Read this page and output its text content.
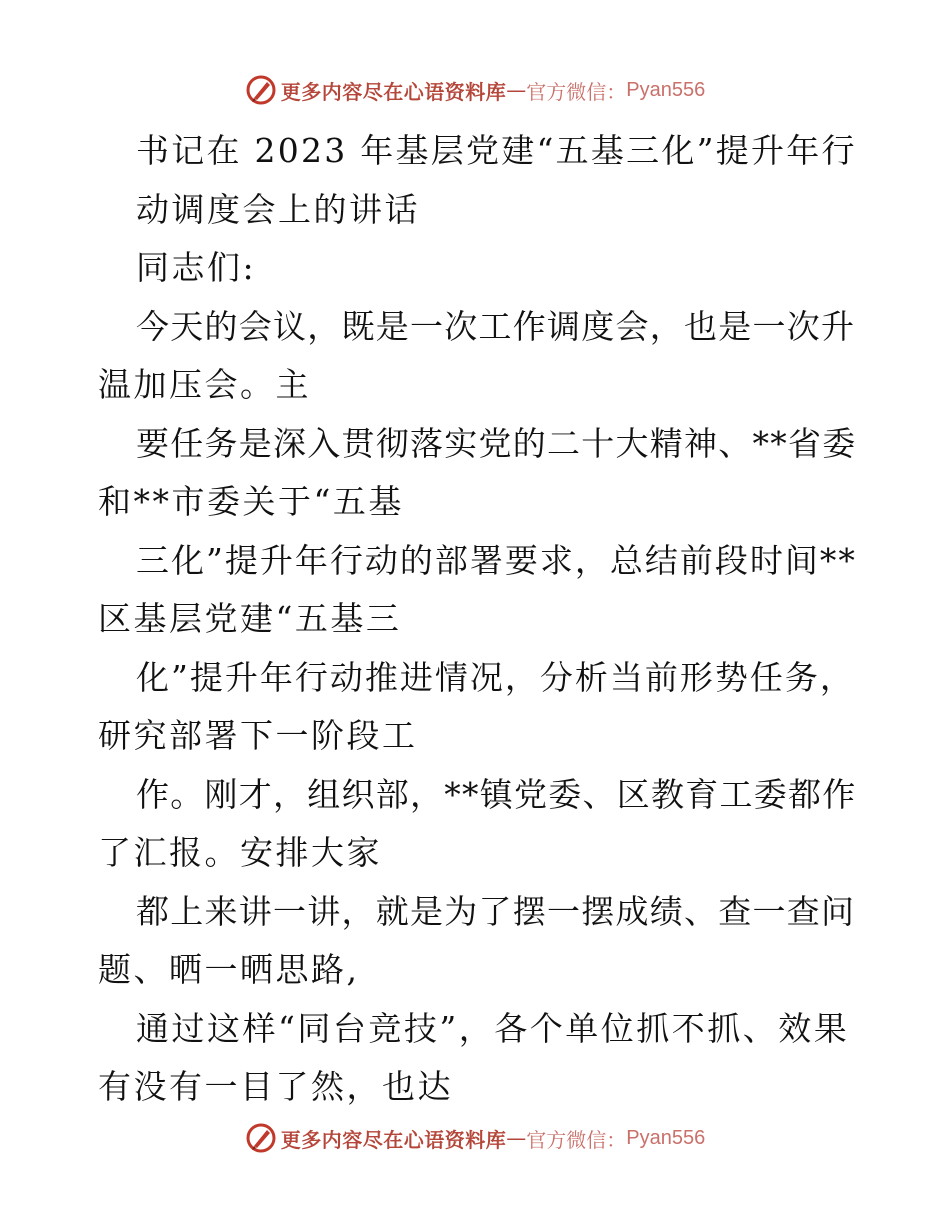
更多内容尽在心语资料库 — 官方微信： Pyan556
书记在 2023 年基层党建“五基三化”提升年行
动调度会上的讲话
同志们:
今天的会议，既是一次工作调度会，也是一次升
温加压会。主
要任务是深入贯彻落实党的二十大精神、**省委
和**市委关于“五基
三化”提升年行动的部署要求，总结前段时间**
区基层党建“五基三
化”提升年行动推进情况，分析当前形势任务，
研究部署下一阶段工
作。刚才，组织部，**镇党委、区教育工委都作
了汇报。安排大家
都上来讲一讲，就是为了摆一摆成绩、查一查问
题、晒一晒思路,
通过这样“同台竞技”，各个单位抓不抓、效果
有没有一目了然，也达
更多内容尽在心语资料库 — 官方微信： Pyan556
